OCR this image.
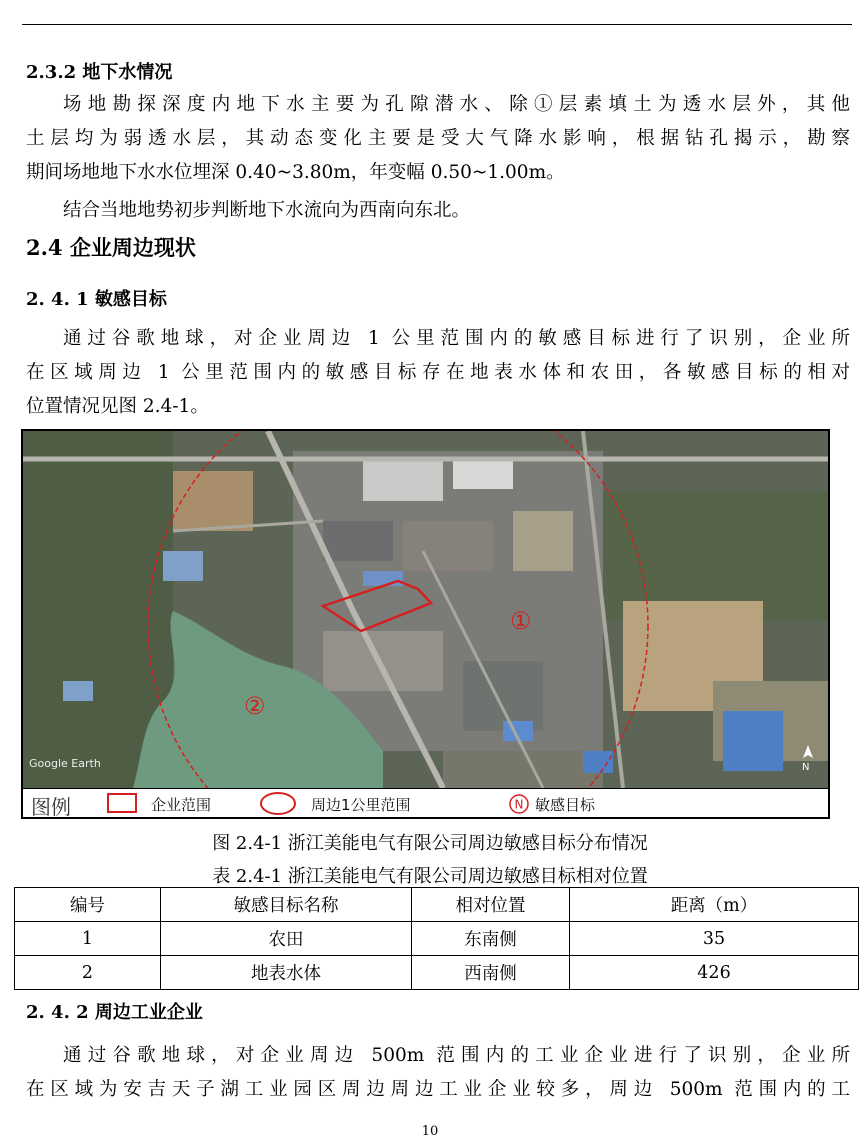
2.3.2 地下水情况
场地勘探深度内地下水主要为孔隙潜水、除①层素填土为透水层外，其他
土层均为弱透水层，其动态变化主要是受大气降水影响，根据钻孔揭示，勘察
期间场地地下水水位埋深 0.40~3.80m，年变幅 0.50~1.00m。
结合当地地势初步判断地下水流向为西南向东北。
2.4 企业周边现状
2. 4. 1 敏感目标
通过谷歌地球，对企业周边 1 公里范围内的敏感目标进行了识别，企业所
在区域周边 1 公里范围内的敏感目标存在地表水体和农田，各敏感目标的相对
位置情况见图 2.4-1。
①
②
Google Earth	N
图例	企业范围	周边1公里范围	N 敏感目标
图 2.4-1 浙江美能电气有限公司周边敏感目标分布情况
表 2.4-1 浙江美能电气有限公司周边敏感目标相对位置
编号	敏感目标名称	相对位置	距离（m）
1	农田	东南侧	35
2	地表水体	西南侧	426
2. 4. 2 周边工业企业
通过谷歌地球，对企业周边 500m 范围内的工业企业进行了识别，企业所
在区域为安吉天子湖工业园区周边周边工业企业较多，周边 500m 范围内的工
10
